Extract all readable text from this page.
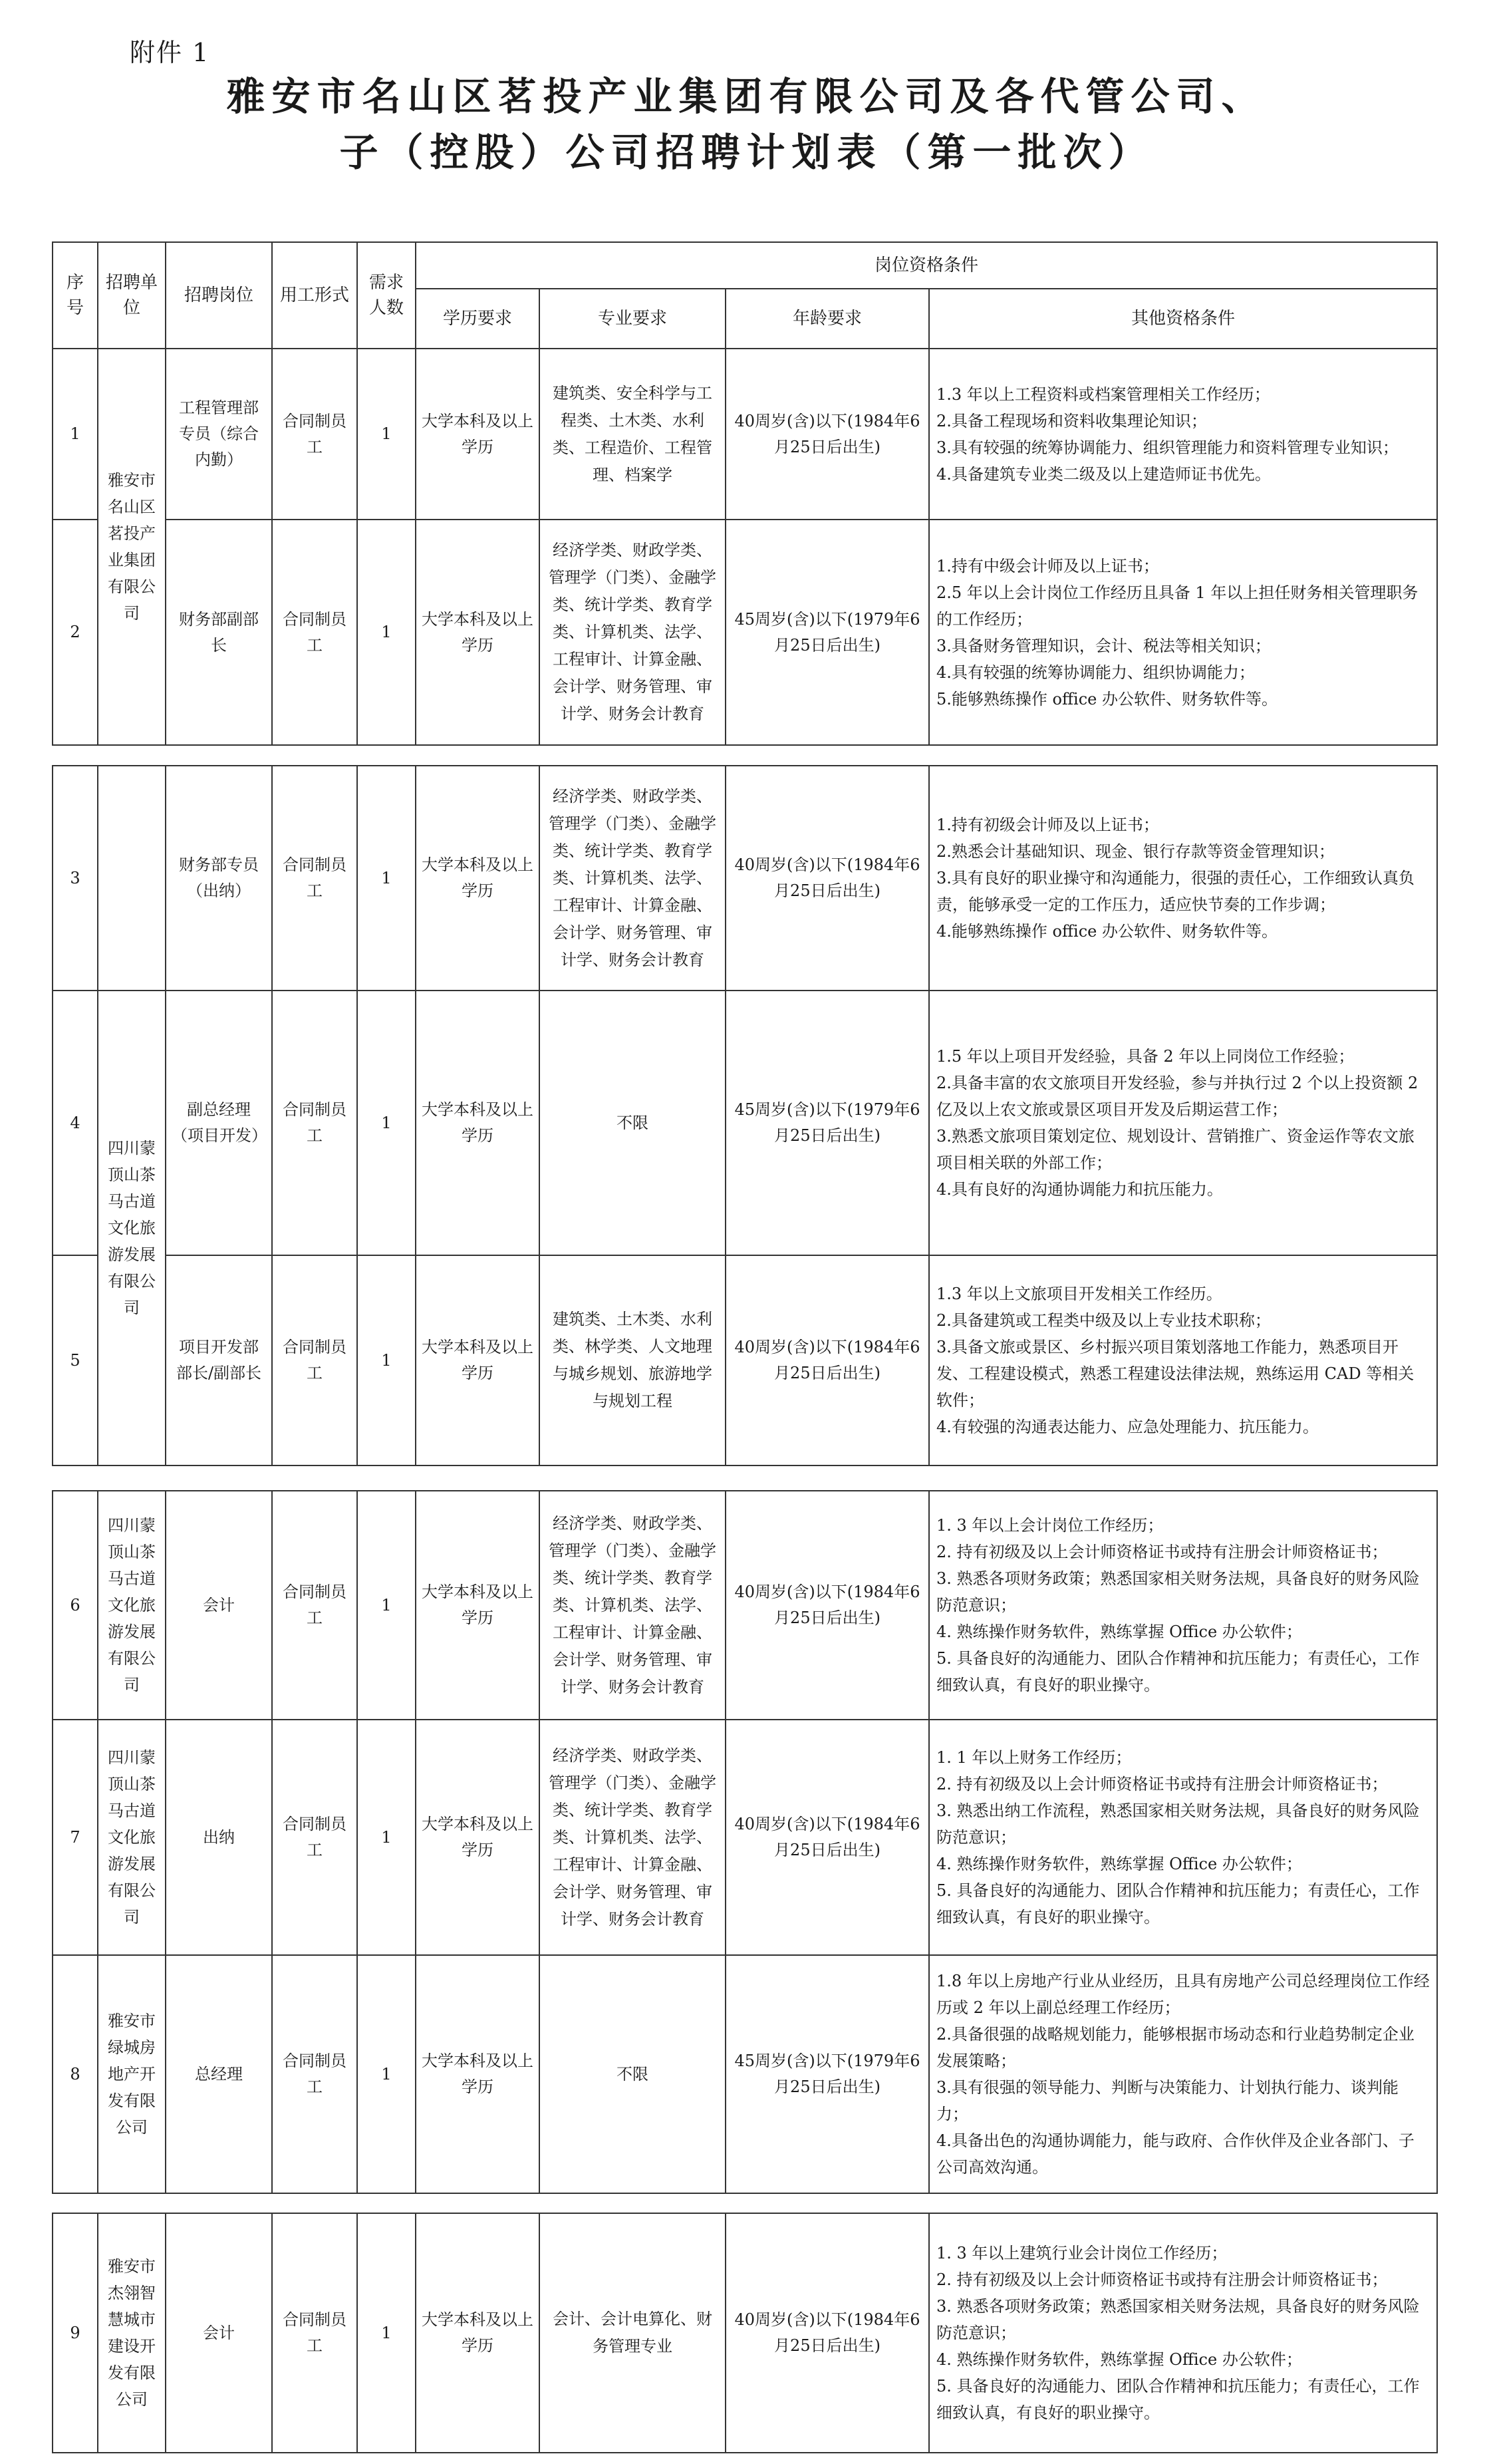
附件 1
雅安市名山区茗投产业集团有限公司及各代管公司、
子（控股）公司招聘计划表（第一批次）
序号	招聘单位	招聘岗位	用工形式	需求人数	岗位资格条件			
					学历要求	专业要求	年龄要求	其他资格条件
1	雅安市名山区茗投产业集团有限公司	工程管理部专员（综合内勤）	合同制员工	1	大学本科及以上学历	建筑类、安全科学与工程类、土木类、水利类、工程造价、工程管理、档案学	40周岁(含)以下(1984年6月25日后出生)	1.3 年以上工程资料或档案管理相关工作经历；
2.具备工程现场和资料收集理论知识；
3.具有较强的统筹协调能力、组织管理能力和资料管理专业知识；
4.具备建筑专业类二级及以上建造师证书优先。

2		财务部副部长	合同制员工	1	大学本科及以上学历	经济学类、财政学类、管理学（门类）、金融学类、统计学类、教育学类、计算机类、法学、工程审计、计算金融、会计学、财务管理、审计学、财务会计教育	45周岁(含)以下(1979年6月25日后出生)	1.持有中级会计师及以上证书；
2.5 年以上会计岗位工作经历且具备 1 年以上担任财务相关管理职务的工作经历；
3.具备财务管理知识，会计、税法等相关知识；
4.具有较强的统筹协调能力、组织协调能力；
5.能够熟练操作 office 办公软件、财务软件等。
3		财务部专员（出纳）	合同制员工	1	大学本科及以上学历	经济学类、财政学类、管理学（门类）、金融学类、统计学类、教育学类、计算机类、法学、工程审计、计算金融、会计学、财务管理、审计学、财务会计教育	40周岁(含)以下(1984年6月25日后出生)	1.持有初级会计师及以上证书；
2.熟悉会计基础知识、现金、银行存款等资金管理知识；
3.具有良好的职业操守和沟通能力，很强的责任心，工作细致认真负责，能够承受一定的工作压力，适应快节奏的工作步调；
4.能够熟练操作 office 办公软件、财务软件等。

4	四川蒙顶山茶马古道文化旅游发展有限公司	副总经理（项目开发）	合同制员工	1	大学本科及以上学历	不限	45周岁(含)以下(1979年6月25日后出生)	1.5 年以上项目开发经验，具备 2 年以上同岗位工作经验；
2.具备丰富的农文旅项目开发经验，参与并执行过 2 个以上投资额 2 亿及以上农文旅或景区项目开发及后期运营工作；
3.熟悉文旅项目策划定位、规划设计、营销推广、资金运作等农文旅项目相关联的外部工作；
4.具有良好的沟通协调能力和抗压能力。

5		项目开发部部长/副部长	合同制员工	1	大学本科及以上学历	建筑类、土木类、水利类、林学类、人文地理与城乡规划、旅游地学与规划工程	40周岁(含)以下(1984年6月25日后出生)	1.3 年以上文旅项目开发相关工作经历。
2.具备建筑或工程类中级及以上专业技术职称；
3.具备文旅或景区、乡村振兴项目策划落地工作能力，熟悉项目开发、工程建设模式，熟悉工程建设法律法规，熟练运用 CAD 等相关软件；
4.有较强的沟通表达能力、应急处理能力、抗压能力。
6	四川蒙顶山茶马古道文化旅游发展有限公司	会计	合同制员工	1	大学本科及以上学历	经济学类、财政学类、管理学（门类）、金融学类、统计学类、教育学类、计算机类、法学、工程审计、计算金融、会计学、财务管理、审计学、财务会计教育	40周岁(含)以下(1984年6月25日后出生)	1. 3 年以上会计岗位工作经历；
2. 持有初级及以上会计师资格证书或持有注册会计师资格证书；
3. 熟悉各项财务政策；熟悉国家相关财务法规，具备良好的财务风险防范意识；
4. 熟练操作财务软件，熟练掌握 Office 办公软件；
5. 具备良好的沟通能力、团队合作精神和抗压能力；有责任心，工作细致认真，有良好的职业操守。

7	四川蒙顶山茶马古道文化旅游发展有限公司	出纳	合同制员工	1	大学本科及以上学历	经济学类、财政学类、管理学（门类）、金融学类、统计学类、教育学类、计算机类、法学、工程审计、计算金融、会计学、财务管理、审计学、财务会计教育	40周岁(含)以下(1984年6月25日后出生)	1. 1 年以上财务工作经历；
2. 持有初级及以上会计师资格证书或持有注册会计师资格证书；
3. 熟悉出纳工作流程，熟悉国家相关财务法规，具备良好的财务风险防范意识；
4. 熟练操作财务软件，熟练掌握 Office 办公软件；
5. 具备良好的沟通能力、团队合作精神和抗压能力；有责任心，工作细致认真，有良好的职业操守。

8	雅安市绿城房地产开发有限公司	总经理	合同制员工	1	大学本科及以上学历	不限	45周岁(含)以下(1979年6月25日后出生)	1.8 年以上房地产行业从业经历，且具有房地产公司总经理岗位工作经历或 2 年以上副总经理工作经历；
2.具备很强的战略规划能力，能够根据市场动态和行业趋势制定企业发展策略；
3.具有很强的领导能力、判断与决策能力、计划执行能力、谈判能力；
4.具备出色的沟通协调能力，能与政府、合作伙伴及企业各部门、子公司高效沟通。
9	雅安市杰翎智慧城市建设开发有限公司	会计	合同制员工	1	大学本科及以上学历	会计、会计电算化、财务管理专业	40周岁(含)以下(1984年6月25日后出生)	
1. 3 年以上建筑行业会计岗位工作经历；
2. 持有初级及以上会计师资格证书或持有注册会计师资格证书；
3. 熟悉各项财务政策；熟悉国家相关财务法规，具备良好的财务风险防范意识；
4. 熟练操作财务软件，熟练掌握 Office 办公软件；
5. 具备良好的沟通能力、团队合作精神和抗压能力；有责任心，工作细致认真，有良好的职业操守。
